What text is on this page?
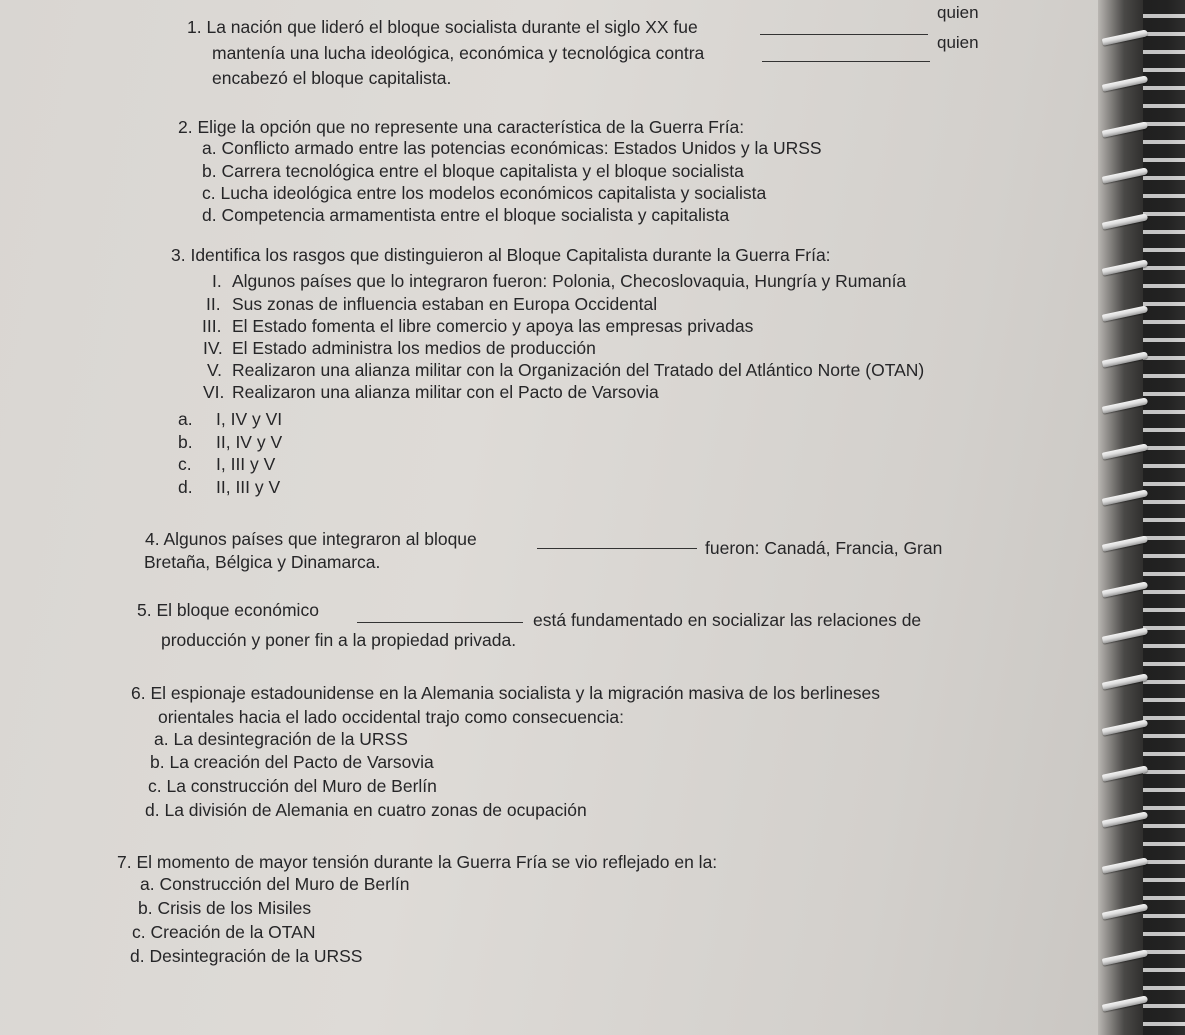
1. La nación que lideró el bloque socialista durante el siglo XX fue
quien
mantenía una lucha ideológica, económica y tecnológica contra
quien
encabezó el bloque capitalista.
2. Elige la opción que no represente una característica de la Guerra Fría:
a. Conflicto armado entre las potencias económicas: Estados Unidos y la URSS
b. Carrera tecnológica entre el bloque capitalista y el bloque socialista
c. Lucha ideológica entre los modelos económicos capitalista y socialista
d. Competencia armamentista entre el bloque socialista y capitalista
3. Identifica los rasgos que distinguieron al Bloque Capitalista durante la Guerra Fría:
I. Algunos países que lo integraron fueron: Polonia, Checoslovaquia, Hungría y Rumanía
II. Sus zonas de influencia estaban en Europa Occidental
III. El Estado fomenta el libre comercio y apoya las empresas privadas
IV. El Estado administra los medios de producción
V. Realizaron una alianza militar con la Organización del Tratado del Atlántico Norte (OTAN)
VI. Realizaron una alianza militar con el Pacto de Varsovia
a. I, IV y VI
b. II, IV y V
c. I, III y V
d. II, III y V
4. Algunos países que integraron al bloque	fueron: Canadá, Francia, Gran
Bretaña, Bélgica y Dinamarca.
5. El bloque económico	está fundamentado en socializar las relaciones de
producción y poner fin a la propiedad privada.
6. El espionaje estadounidense en la Alemania socialista y la migración masiva de los berlineses
orientales hacia el lado occidental trajo como consecuencia:
a. La desintegración de la URSS
b. La creación del Pacto de Varsovia
c. La construcción del Muro de Berlín
d. La división de Alemania en cuatro zonas de ocupación
7. El momento de mayor tensión durante la Guerra Fría se vio reflejado en la:
a. Construcción del Muro de Berlín
b. Crisis de los Misiles
c. Creación de la OTAN
d. Desintegración de la URSS
